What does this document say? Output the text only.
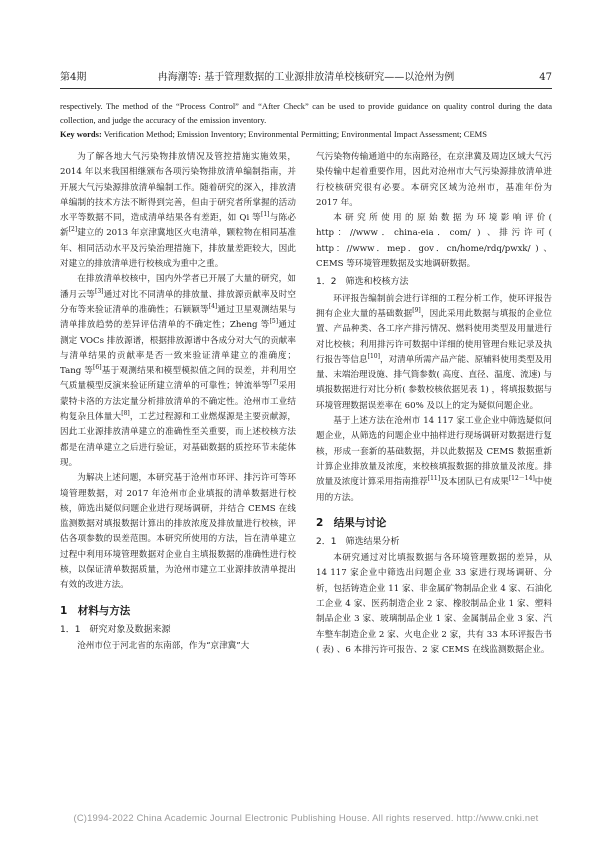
第4期	冉海潮等: 基于管理数据的工业源排放清单校核研究——以沧州为例	47
respectively. The method of the “Process Control” and “After Check” can be used to provide guidance on quality control during the data collection, and judge the accuracy of the emission inventory.
Key words: Verification Method; Emission Inventory; Environmental Permitting; Environmental Impact Assessment; CEMS

为了解各地大气污染物排放情况及管控措施实施效果，2014 年以来我国相继颁布各项污染物排放清单编制指南，并开展大气污染源排放清单编制工作。随着研究的深入，排放清单编制的技术方法不断得到完善，但由于研究者所掌握的活动水平等数据不同，造成清单结果各有差距，如 Qi 等[1]与陈必新[2]建立的 2013 年京津冀地区火电清单，颗粒物在相同基准年、相同活动水平及污染治理措施下，排放量差距较大，因此对建立的排放清单进行校核成为重中之重。

在排放清单校核中，国内外学者已开展了大量的研究，如潘月云等[3]通过对比不同清单的排放量、排放源贡献率及时空分布等来验证清单的准确性；石颖颖等[4]通过卫星观测结果与清单排放趋势的差异评估清单的不确定性；Zheng 等[5]通过测定 VOCs 排放源谱，根据排放源谱中各成分对大气的贡献率与清单结果的贡献率是否一致来验证清单建立的准确度；Tang 等[6]基于观测结果和模型模拟值之间的误差，并利用空气质量模型反演来验证所建立清单的可靠性；钟流举等[7]采用蒙特卡洛的方法定量分析排放清单的不确定性。沧州市工业结构复杂且体量大[8]，工艺过程源和工业燃煤源是主要贡献源，因此工业源排放清单建立的准确性至关重要，而上述校核方法都是在清单建立之后进行验证，对基础数据的质控环节未能体现。

为解决上述问题，本研究基于沧州市环评、排污许可等环境管理数据，对 2017 年沧州市企业填报的清单数据进行校核，筛选出疑似问题企业进行现场调研，并结合 CEMS 在线监测数据对填报数据计算出的排放浓度及排放量进行校核，评估各项参数的误差范围。本研究所使用的方法，旨在清单建立过程中利用环境管理数据对企业自主填报数据的准确性进行校核，以保证清单数据质量，为沧州市建立工业源排放清单提出有效的改进方法。

1　材料与方法
1．1　研究对象及数据来源

沧州市位于河北省的东南部，作为“京津冀”大

气污染物传输通道中的东南路径，在京津冀及周边区域大气污染传输中起着重要作用，因此对沧州市大气污染源排放清单进行校核研究很有必要。本研究区域为沧州市，基准年份为 2017 年。

本研究所使用的原始数据为环境影响评价( http：//www．china-eia．com/ ) 、排污许可( http：//www．mep．gov．cn/home/rdq/pwxk/ ) 、CEMS 等环境管理数据及实地调研数据。

1．2　筛选和校核方法

环评报告编制前会进行详细的工程分析工作，使环评报告拥有企业大量的基础数据[9]，因此采用此数据与填报的企业位置、产品种类、各工序产排污情况、燃料使用类型及用量进行对比校核；利用排污许可数据中详细的使用管理台账记录及执行报告等信息[10]，对清单所需产品产能、原辅料使用类型及用量、末端治理设施、排气筒参数( 高度、直径、温度、流速) 与填报数据进行对比分析( 参数校核依据见表 1) ，将填报数据与环境管理数据误差率在 60% 及以上的定为疑似问题企业。

基于上述方法在沧州市 14 117 家工业企业中筛选疑似问题企业，从筛选的问题企业中抽样进行现场调研对数据进行复核，形成一套新的基础数据，并以此数据及 CEMS 数据重新计算企业排放量及浓度，来校核填报数据的排放量及浓度。排放量及浓度计算采用指南推荐[11]及本团队已有成果[12－14]中使用的方法。

2　结果与讨论
2．1　筛选结果分析

本研究通过对比填报数据与各环境管理数据的差异，从 14 117 家企业中筛选出问题企业 33 家进行现场调研、分析，包括铸造企业 11 家、非金属矿物制品企业 4 家、石油化工企业 4 家、医药制造企业 2 家、橡胶制品企业 1 家、塑料制品企业 3 家、玻璃制品企业 1 家、金属制品企业 3 家、汽车整车制造企业 2 家、火电企业 2 家，共有 33 本环评报告书( 表) 、6 本排污许可报告、2 家 CEMS 在线监测数据企业。

(C)1994-2022 China Academic Journal Electronic Publishing House. All rights reserved. http://www.cnki.net
